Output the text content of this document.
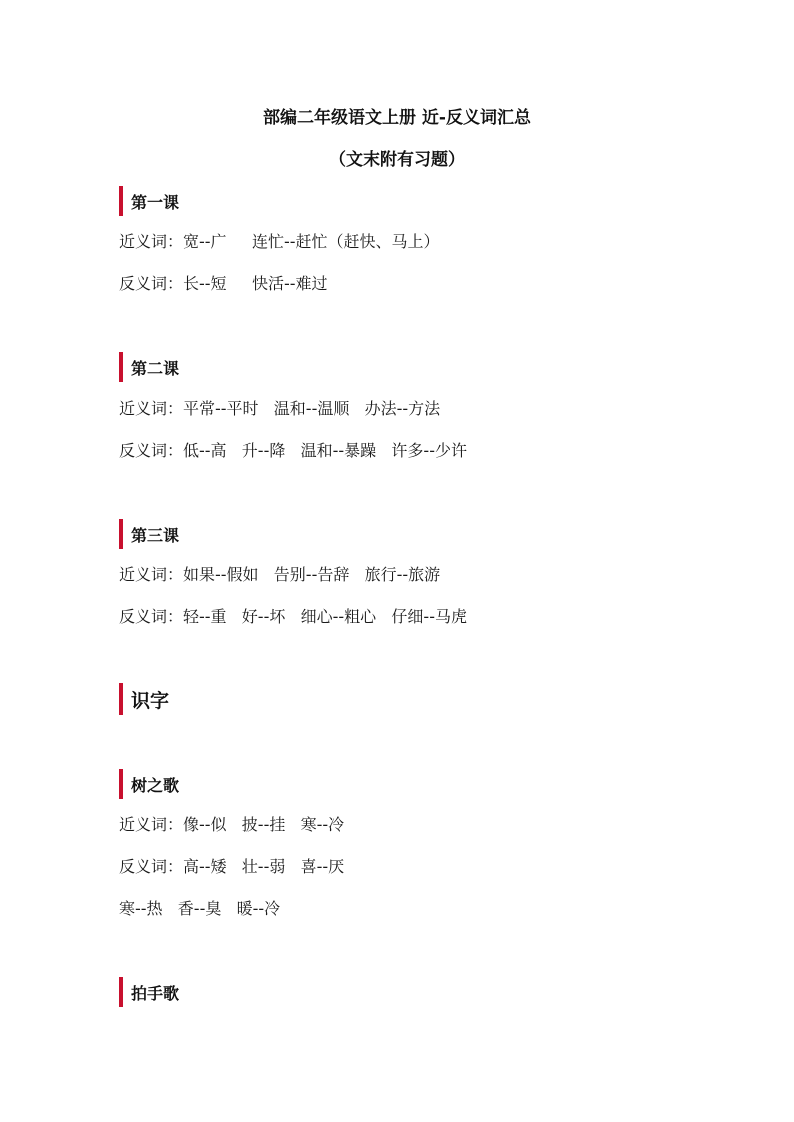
部编二年级语文上册 近-反义词汇总
（文末附有习题）
第一课
近义词：宽--广     连忙--赶忙（赶快、马上）
反义词：长--短     快活--难过
第二课
近义词：平常--平时   温和--温顺   办法--方法
反义词：低--高   升--降   温和--暴躁   许多--少许
第三课
近义词：如果--假如   告别--告辞   旅行--旅游
反义词：轻--重   好--坏   细心--粗心   仔细--马虎
识字
树之歌
近义词：像--似   披--挂   寒--冷
反义词：高--矮   壮--弱   喜--厌
寒--热   香--臭   暖--冷
拍手歌
